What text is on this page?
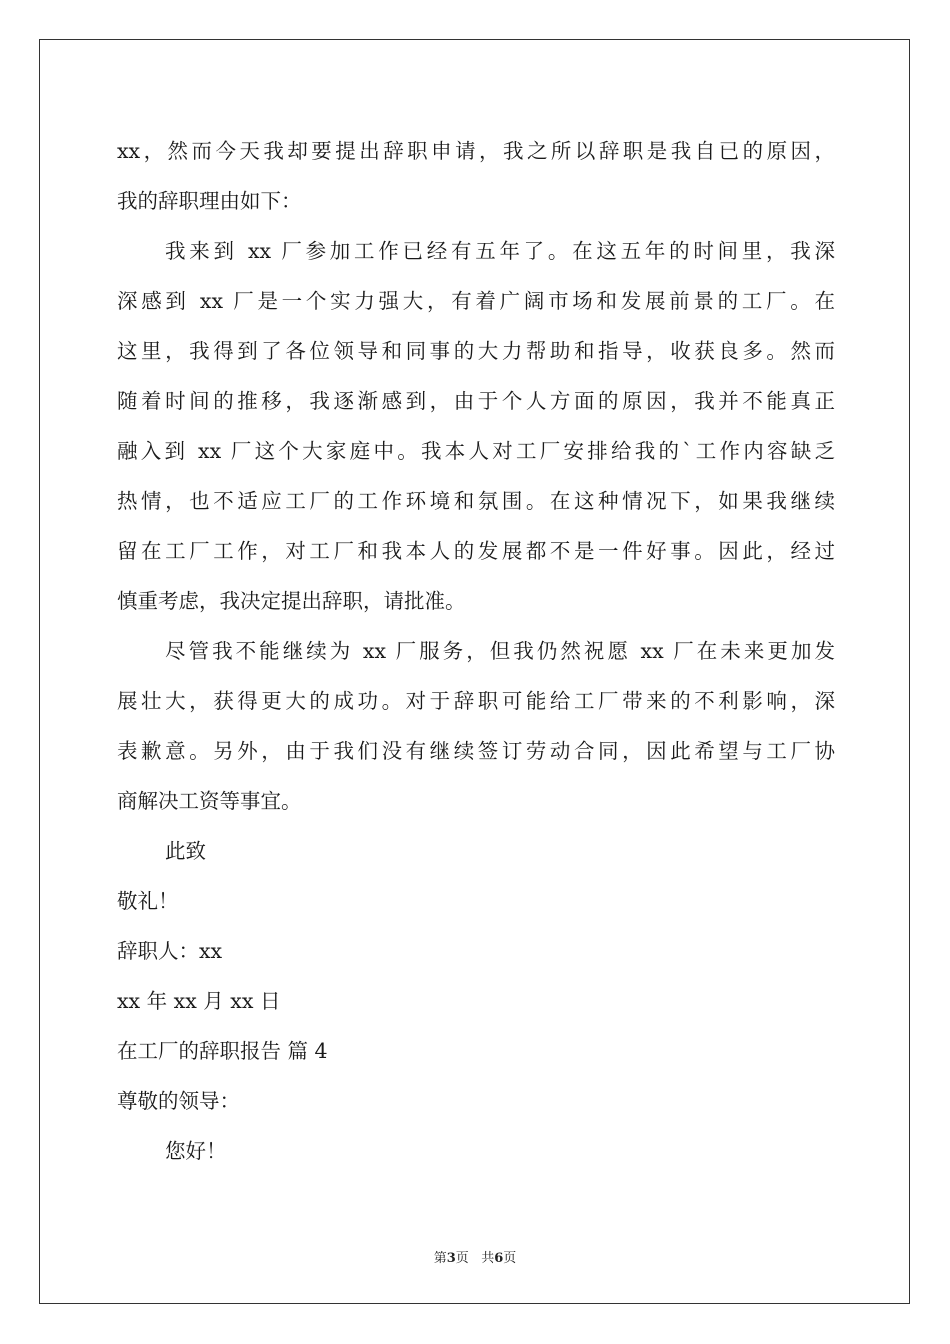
xx，然而今天我却要提出辞职申请，我之所以辞职是我自已的原因，

我的辞职理由如下：

我来到 xx 厂参加工作已经有五年了。在这五年的时间里，我深

深感到 xx 厂是一个实力强大，有着广阔市场和发展前景的工厂。在

这里，我得到了各位领导和同事的大力帮助和指导，收获良多。然而

随着时间的推移，我逐渐感到，由于个人方面的原因，我并不能真正

融入到 xx 厂这个大家庭中。我本人对工厂安排给我的`工作内容缺乏

热情，也不适应工厂的工作环境和氛围。在这种情况下，如果我继续

留在工厂工作，对工厂和我本人的发展都不是一件好事。因此，经过

慎重考虑，我决定提出辞职，请批准。

尽管我不能继续为 xx 厂服务，但我仍然祝愿 xx 厂在未来更加发

展壮大，获得更大的成功。对于辞职可能给工厂带来的不利影响，深

表歉意。另外，由于我们没有继续签订劳动合同，因此希望与工厂协

商解决工资等事宜。

此致

敬礼！

辞职人：xx

xx 年 xx 月 xx 日

在工厂的辞职报告 篇 4

尊敬的领导：

您好！

第3页 共6页
